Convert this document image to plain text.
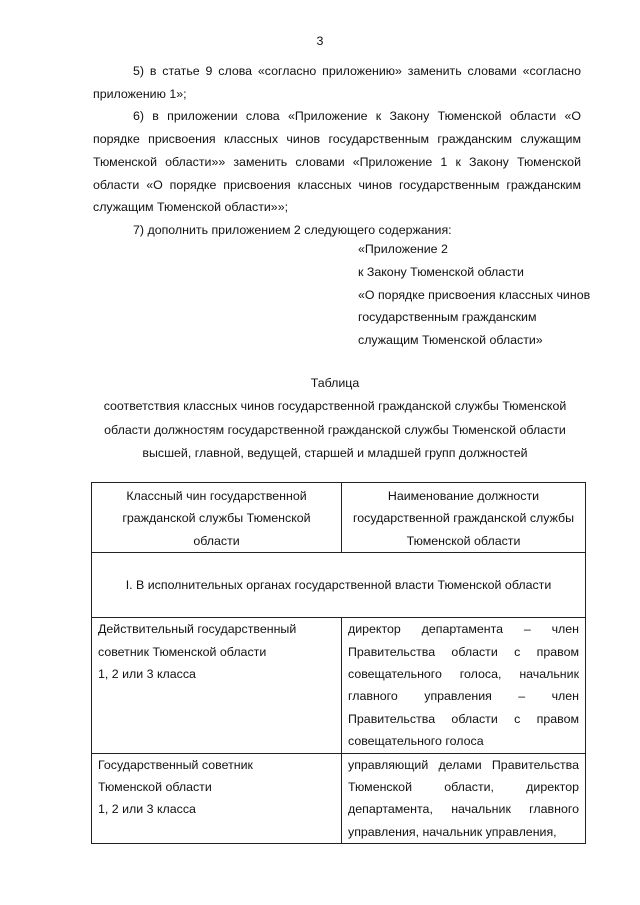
3

5) в статье 9 слова «согласно приложению» заменить словами «согласно приложению 1»;

6) в приложении слова «Приложение к Закону Тюменской области «О порядке присвоения классных чинов государственным гражданским служащим Тюменской области»» заменить словами «Приложение 1 к Закону Тюменской области «О порядке присвоения классных чинов государственным гражданским служащим Тюменской области»»;

7) дополнить приложением 2 следующего содержания:

«Приложение 2
к Закону Тюменской области
«О порядке присвоения классных чинов
государственным гражданским
служащим Тюменской области»
Таблица
соответствия классных чинов государственной гражданской службы Тюменской
области должностям государственной гражданской службы Тюменской области
высшей, главной, ведущей, старшей и младшей групп должностей
Классный чин государственной гражданской службы Тюменской области	Наименование должности государственной гражданской службы Тюменской области
I. В исполнительных органах государственной власти Тюменской области	

Действительный государственный
советник Тюменской области
1, 2 или 3 класса	директор департамента – член Правительства области с правом совещательного голоса, начальник главного управления – член Правительства области с правом совещательного голоса

Государственный советник
Тюменской области
1, 2 или 3 класса	управляющий делами Правительства Тюменской области, директор департамента, начальник главного управления, начальник управления,
